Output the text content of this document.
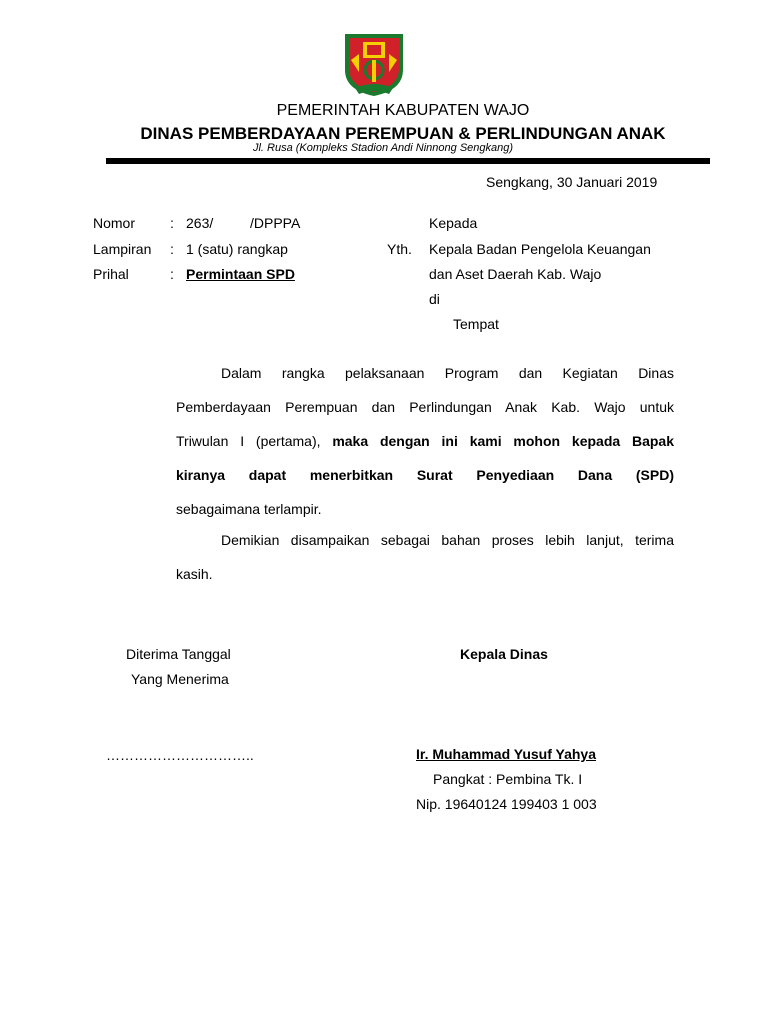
PEMERINTAH KABUPATEN WAJO
DINAS PEMBERDAYAAN PEREMPUAN & PERLINDUNGAN ANAK
Jl. Rusa (Kompleks Stadion Andi Ninnong Sengkang)
Sengkang, 30 Januari 2019
Nomor : 263/	/DPPPA
Lampiran : 1 (satu) rangkap
Prihal	: Permintaan SPD
Kepada
Yth. Kepala Badan Pengelola Keuangan
dan Aset Daerah Kab. Wajo
di
Tempat
Dalam rangka pelaksanaan Program dan Kegiatan Dinas
Pemberdayaan Perempuan dan Perlindungan Anak Kab. Wajo untuk
Triwulan I (pertama), maka dengan ini kami mohon kepada Bapak
kiranya dapat menerbitkan Surat Penyediaan Dana (SPD)
sebagaimana terlampir.
Demikian disampaikan sebagai bahan proses lebih lanjut, terima
kasih.
Diterima Tanggal
Yang Menerima
…………………………..
Kepala Dinas
Ir. Muhammad Yusuf Yahya
Pangkat : Pembina Tk. I
Nip. 19640124 199403 1 003
